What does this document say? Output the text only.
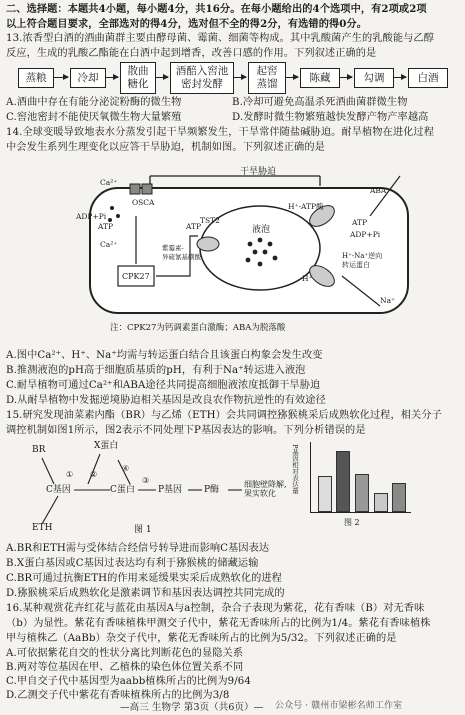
二、选择题：本题共4小题，每小题4分，共16分。在每小题给出的4个选项中，有2项或2项
以上符合题目要求，全部选对的得4分，选对但不全的得2分，有选错的得0分。
13.浓香型白酒的酒曲菌群主要由酵母菌、霉菌、细菌等构成。其中乳酸菌产生的乳酸能与乙醇
反应，生成的乳酸乙酯能在白酒中起到增香，改善口感的作用。下列叙述正确的是
蒸粮	冷却
散曲
糖化
酒醅入窖池
密封发酵
起窖
蒸馏
陈藏	勾调	白酒
A.酒曲中存在有能分泌淀粉酶的微生物	B.冷却可避免高温杀死酒曲菌群微生物
C.窖池密封不能使厌氧微生物大量繁殖	D.发酵时微生物繁殖越快发酵产物产率越高
14.全球变暖导致地表水分蒸发引起干旱频繁发生，干旱常伴随盐碱胁迫。耐旱植物在进化过程
中会发生系列生理变化以应答干旱胁迫，机制如图。下列叙述正确的是
Ca²⁺
OSCA
ADP+Pi
ATP
Ca²⁺
CPK27
TST2
紫霉素-
异硫氰基磺酸
ATP	液泡
H⁺-ATP酶
ABA
ATP
ADP+Pi
H⁺-Na⁺逆向
转运蛋白
H⁺
Na⁺
干旱胁迫
注：CPK27为钙调素蛋白激酶；ABA为脱落酸
A.图中Ca²⁺、H⁺、Na⁺均需与转运蛋白结合且该蛋白构象会发生改变
B.推测液泡的pH高于细胞质基质的pH，有利于Na⁺转运进入液泡
C.耐旱植物可通过Ca²⁺和ABA途径共同提高细胞液浓度抵御干旱胁迫
D.从耐旱植物中发掘逆境胁迫相关基因是改良农作物抗逆性的有效途径
15.研究发现油菜素内酯（BR）与乙烯（ETH）会共同调控猕猴桃采后成熟软化过程，相关分子
调控机制如图1所示，图2表示不同处理下P基因表达的影响。下列分析错误的是
BR	X蛋白
① ②
C基因	C蛋白
③
④
P基因 P酶
细胞壁降解,
果实软化
ETH	图 1
P基因相对表达量
图 2
A.BR和ETH需与受体结合经信号转导进而影响C基因表达
B.X蛋白基因或C基因过表达均有利于猕猴桃的储藏运输
C.BR可通过抗衡ETH的作用来延缓果实采后成熟软化的进程
D.猕猴桃采后成熟软化是激素调节和基因表达调控共同完成的
16.某种观赏花卉红花与蓝花由基因A与a控制，杂合子表现为紫花，花有香味（B）对无香味
（b）为显性。紫花有香味植株甲测交子代中，紫花无香味所占的比例为1/4。紫花有香味植株
甲与植株乙（AaBb）杂交子代中，紫花无香味所占的比例为5/32。下列叙述正确的是
A.可依据紫花自交的性状分离比判断花色的显隐关系
B.两对等位基因在甲、乙植株的染色体位置关系不同
C.甲自交子代中基因型为aabb植株所占的比例为9/64
D.乙测交子代中紫花有香味植株所占的比例为3/8
—高三 生物学 第3页（共6页）— 公众号 · 赣州市梁彬名师工作室
